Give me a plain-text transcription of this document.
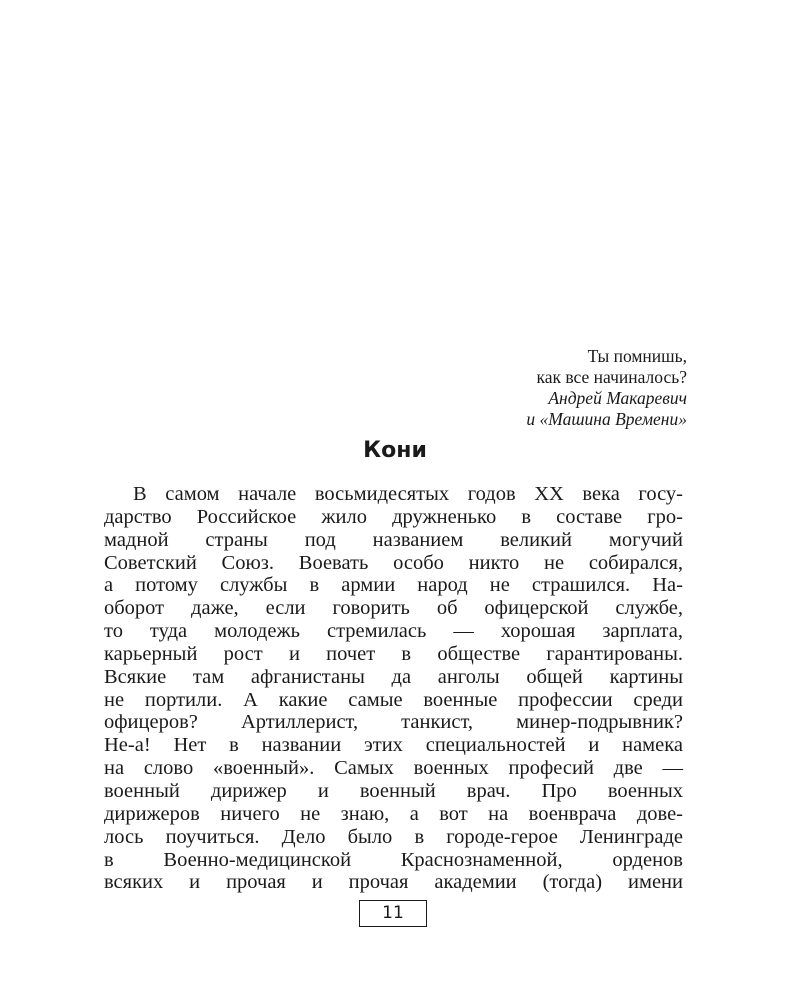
Ты помнишь,
как все начиналось?
Андрей Макаревич
и «Машина Времени»
Кони
В самом начале восьмидесятых годов XX века госу-
дарство Российское жило дружненько в составе гро-
мадной страны под названием великий могучий
Советский Союз. Воевать особо никто не собирался,
а потому службы в армии народ не страшился. На-
оборот даже, если говорить об офицерской службе,
то туда молодежь стремилась — хорошая зарплата,
карьерный рост и почет в обществе гарантированы.
Всякие там афганистаны да анголы общей картины
не портили. А какие самые военные профессии среди
офицеров? Артиллерист, танкист, минер-подрывник?
Не-а! Нет в названии этих специальностей и намека
на слово «военный». Самых военных професий две —
военный дирижер и военный врач. Про военных
дирижеров ничего не знаю, а вот на военврача дове-
лось поучиться. Дело было в городе-герое Ленинграде
в Военно-медицинской Краснознаменной, орденов
всяких и прочая и прочая академии (тогда) имени
11
